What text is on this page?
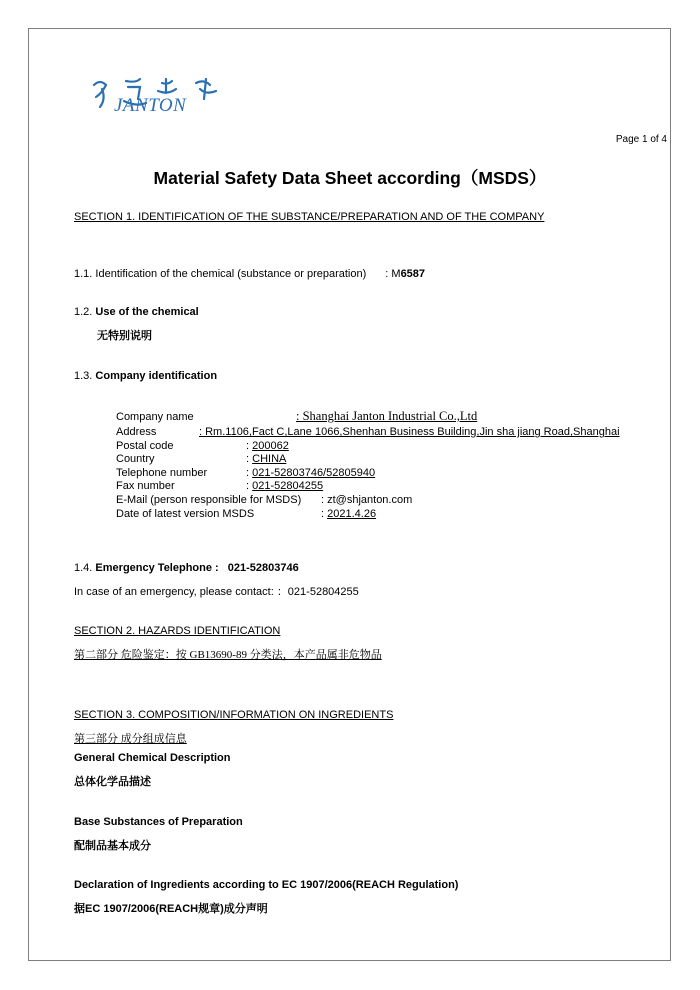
JANTON
Page 1 of 4
Material Safety Data Sheet according（MSDS）
SECTION 1. IDENTIFICATION OF THE SUBSTANCE/PREPARATION AND OF THE COMPANY
1.1. Identification of the chemical (substance or preparation) : M6587
1.2. Use of the chemical
无特别说明
1.3. Company identification
Company name	: Shanghai Janton Industrial Co.,Ltd
Address	: Rm.1106,Fact C,Lane 1066,Shenhan Business Building,Jin sha jiang Road,Shanghai
Postal code	: 200062
Country	: CHINA
Telephone number	: 021-52803746/52805940
Fax number	: 021-52804255
E-Mail (person responsible for MSDS) : zt@shjanton.com
Date of latest version MSDS	: 2021.4.26
1.4. Emergency Telephone : 021-52803746
In case of an emergency, please contact: ：021-52804255
SECTION 2. HAZARDS IDENTIFICATION
第二部分 危险鉴定：按 GB13690-89 分类法，本产品属非危物品
SECTION 3. COMPOSITION/INFORMATION ON INGREDIENTS
第三部分 成分组成信息
General Chemical Description
总体化学品描述
Base Substances of Preparation
配制品基本成分
Declaration of Ingredients according to EC 1907/2006(REACH Regulation)
据EC 1907/2006(REACH规章)成分声明
